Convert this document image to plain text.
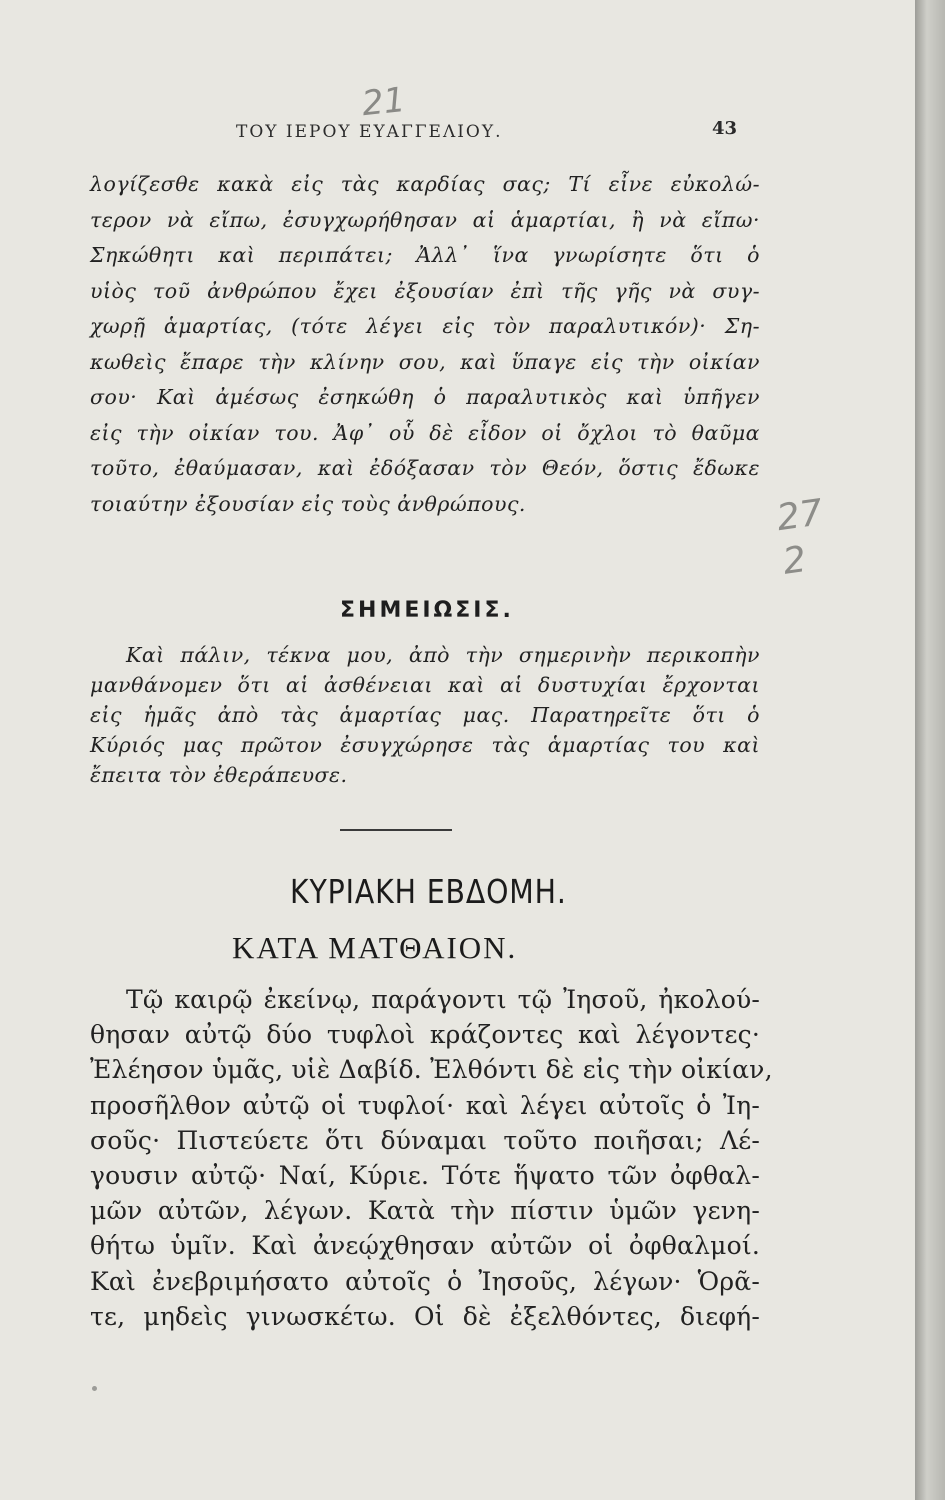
21
27
2
ΤΟΥ ΙΕΡΟΥ ΕΥΑΓΓΕΛΙΟΥ.	43
λογίζεσθε κακὰ εἰς τὰς καρδίας σας; Τί εἶνε εὐκολώ-
τερον νὰ εἴπω, ἐσυγχωρήθησαν αἱ ἁμαρτίαι, ἢ νὰ εἴπω·
Σηκώθητι καὶ περιπάτει; Ἀλλ᾽ ἵνα γνωρίσητε ὅτι ὁ
υἱὸς τοῦ ἀνθρώπου ἔχει ἐξουσίαν ἐπὶ τῆς γῆς νὰ συγ-
χωρῇ ἁμαρτίας, (τότε λέγει εἰς τὸν παραλυτικόν)· Ση-
κωθεὶς ἔπαρε τὴν κλίνην σου, καὶ ὕπαγε εἰς τὴν οἰκίαν
σου· Καὶ ἀμέσως ἐσηκώθη ὁ παραλυτικὸς καὶ ὑπῆγεν
εἰς τὴν οἰκίαν του. Ἀφ᾽ οὗ δὲ εἶδον οἱ ὄχλοι τὸ θαῦμα
τοῦτο, ἐθαύμασαν, καὶ ἐδόξασαν τὸν Θεόν, ὅστις ἔδωκε
τοιαύτην ἐξουσίαν εἰς τοὺς ἀνθρώπους.
ΣΗΜΕΙΩΣΙΣ.
Καὶ πάλιν, τέκνα μου, ἀπὸ τὴν σημερινὴν περικοπὴν
μανθάνομεν ὅτι αἱ ἀσθένειαι καὶ αἱ δυστυχίαι ἔρχονται
εἰς ἡμᾶς ἀπὸ τὰς ἁμαρτίας μας. Παρατηρεῖτε ὅτι ὁ
Κύριός μας πρῶτον ἐσυγχώρησε τὰς ἁμαρτίας του καὶ
ἔπειτα τὸν ἐθεράπευσε.
ΚΥΡΙΑΚΗ ΕΒΔΟΜΗ.
ΚΑΤΑ ΜΑΤΘΑΙΟΝ.
Τῷ καιρῷ ἐκείνῳ, παράγοντι τῷ Ἰησοῦ, ἠκολού-
θησαν αὐτῷ δύο τυφλοὶ κράζοντες καὶ λέγοντες·
Ἐλέησον ὑμᾶς, υἱὲ Δαβίδ. Ἐλθόντι δὲ εἰς τὴν οἰκίαν,
προσῆλθον αὐτῷ οἱ τυφλοί· καὶ λέγει αὐτοῖς ὁ Ἰη-
σοῦς· Πιστεύετε ὅτι δύναμαι τοῦτο ποιῆσαι; Λέ-
γουσιν αὐτῷ· Ναί, Κύριε. Τότε ἥψατο τῶν ὀφθαλ-
μῶν αὐτῶν, λέγων. Κατὰ τὴν πίστιν ὑμῶν γενη-
θήτω ὑμῖν. Καὶ ἀνεῴχθησαν αὐτῶν οἱ ὀφθαλμοί.
Καὶ ἐνεβριμήσατο αὐτοῖς ὁ Ἰησοῦς, λέγων· Ὁρᾶ-
τε, μηδεὶς γινωσκέτω. Οἱ δὲ ἐξελθόντες, διεφή-
